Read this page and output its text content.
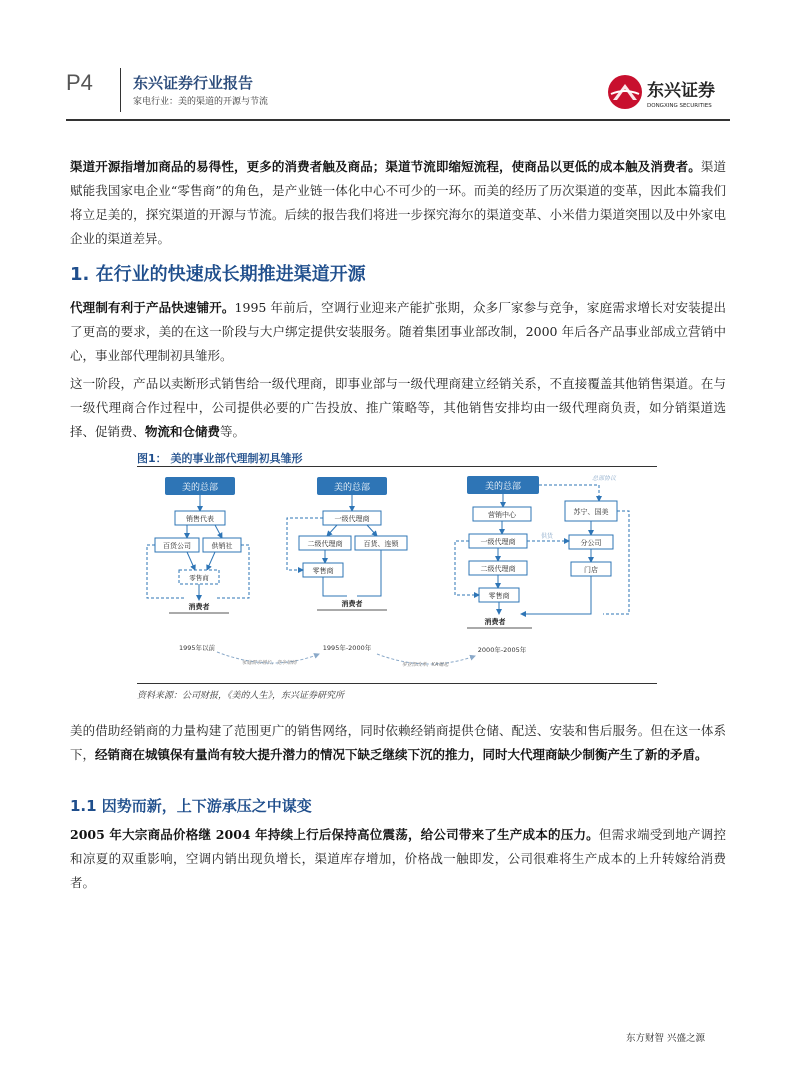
P4	东兴证券行业报告
家电行业：美的渠道的开源与节流
东兴证券
DONGXING SECURITIES
渠道开源指增加商品的易得性，更多的消费者触及商品；渠道节流即缩短流程，使商品以更低的成本触及消费者。渠道赋能我国家电企业“零售商”的角色，是产业链一体化中心不可少的一环。而美的经历了历次渠道的变革，因此本篇我们将立足美的，探究渠道的开源与节流。后续的报告我们将进一步探究海尔的渠道变革、小米借力渠道突围以及中外家电企业的渠道差异。
1. 在行业的快速成长期推进渠道开源
代理制有利于产品快速铺开。1995 年前后，空调行业迎来产能扩张期，众多厂家参与竞争，家庭需求增长对安装提出了更高的要求，美的在这一阶段与大户绑定提供安装服务。随着集团事业部改制，2000 年后各产品事业部成立营销中心，事业部代理制初具雏形。
这一阶段，产品以卖断形式销售给一级代理商，即事业部与一级代理商建立经销关系，不直接覆盖其他销售渠道。在与一级代理商合作过程中，公司提供必要的广告投放、推广策略等，其他销售安排均由一级代理商负责，如分销渠道选择、促销费、物流和仓储费等。
图1： 美的事业部代理制初具雏形
美的总部
销售代表
百货公司	供销社
零售商
消费者
美的总部
一级代理商
二级代理商	百货、连锁
零售商
消费者
美的总部
营销中心
一级代理商
二级代理商
零售商
消费者
总部协议
苏宁、国美
分公司
供货
门店
1995年以前	1995年-2000年	2000年-2005年
家庭需求增长，竞争加剧	事业部改革，KA崛起
资料来源：公司财报，《美的人生》，东兴证券研究所
美的借助经销商的力量构建了范围更广的销售网络，同时依赖经销商提供仓储、配送、安装和售后服务。但在这一体系下，经销商在城镇保有量尚有较大提升潜力的情况下缺乏继续下沉的推力，同时大代理商缺少制衡产生了新的矛盾。
1.1 因势而新，上下游承压之中谋变
2005 年大宗商品价格继 2004 年持续上行后保持高位震荡，给公司带来了生产成本的压力。但需求端受到地产调控和凉夏的双重影响，空调内销出现负增长，渠道库存增加，价格战一触即发，公司很难将生产成本的上升转嫁给消费者。
东方财智 兴盛之源
